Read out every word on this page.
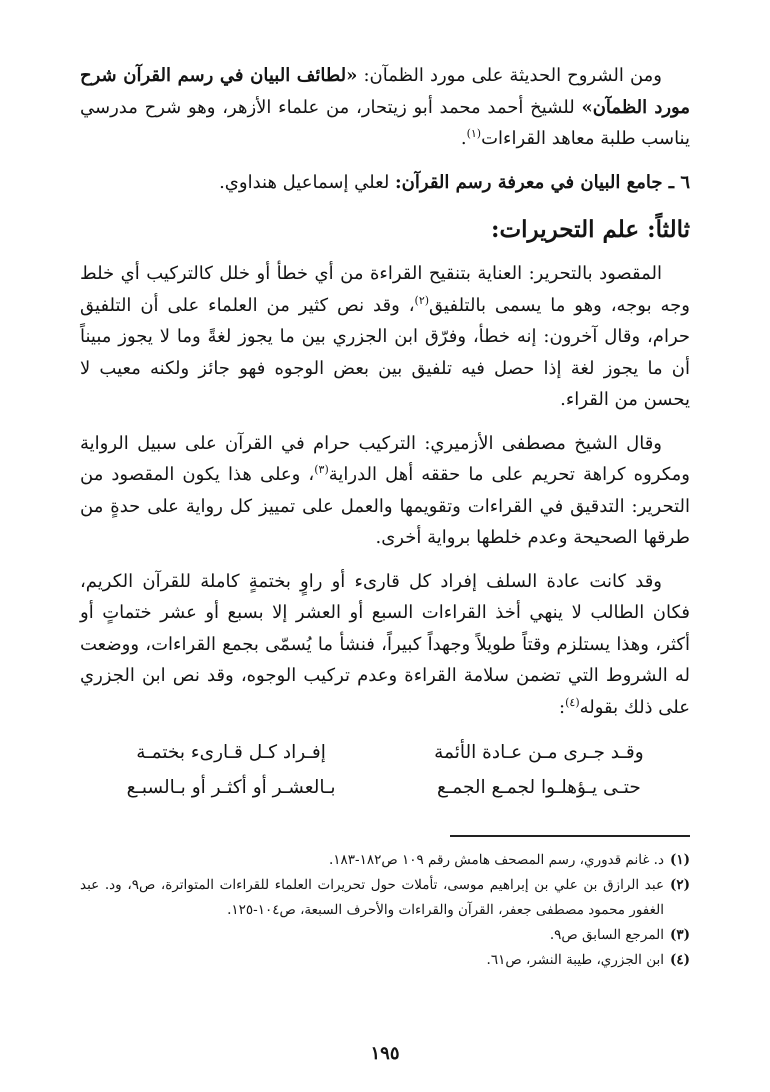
ومن الشروح الحديثة على مورد الظمآن: «لطائف البيان في رسم القرآن شرح مورد الظمآن» للشيخ أحمد محمد أبو زيتحار، من علماء الأزهر، وهو شرح مدرسي يناسب طلبة معاهد القراءات$^{(١)}$.

٦ ـ جامع البيان في معرفة رسم القرآن: لعلي إسماعيل هنداوي.

ثالثاً: علم التحريرات:

المقصود بالتحرير: العناية بتنقيح القراءة من أي خطأ أو خلل كالتركيب أي خلط وجه بوجه، وهو ما يسمى بالتلفيق$^{(٢)}$، وقد نص كثير من العلماء على أن التلفيق حرام، وقال آخرون: إنه خطأ، وفرّق ابن الجزري بين ما يجوز لغةً وما لا يجوز مبيناً أن ما يجوز لغة إذا حصل فيه تلفيق بين بعض الوجوه فهو جائز ولكنه معيب لا يحسن من القراء.

وقال الشيخ مصطفى الأزميري: التركيب حرام في القرآن على سبيل الرواية ومكروه كراهة تحريم على ما حققه أهل الدراية$^{(٣)}$، وعلى هذا يكون المقصود من التحرير: التدقيق في القراءات وتقويمها والعمل على تمييز كل رواية على حدةٍ من طرقها الصحيحة وعدم خلطها برواية أخرى.

وقد كانت عادة السلف إفراد كل قارىء أو راوٍ بختمةٍ كاملة للقرآن الكريم، فكان الطالب لا ينهي أخذ القراءات السبع أو العشر إلا بسبع أو عشر ختماتٍ أو أكثر، وهذا يستلزم وقتاً طويلاً وجهداً كبيراً، فنشأ ما يُسمّى بجمع القراءات، ووضعت له الشروط التي تضمن سلامة القراءة وعدم تركيب الوجوه، وقد نص ابن الجزري على ذلك بقوله$^{(٤)}$:

وقـد جـرى مـن عـادة الأئمة
إفـراد كـل قـارىء بختمـة
حتـى يـؤهلـوا لجمـع الجمـع
بـالعشـر أو أكثـر أو بـالسبـع
(١)
د. غانم قدوري، رسم المصحف هامش رقم ١٠٩ ص١٨٢-١٨٣.
(٢)
عبد الرازق بن علي بن إبراهيم موسى، تأملات حول تحريرات العلماء للقراءات المتواترة، ص٩، ود. عبد الغفور محمود مصطفى جعفر، القرآن والقراءات والأحرف السبعة، ص١٠٤-١٢٥.
(٣)
المرجع السابق ص٩.
(٤)
ابن الجزري، طيبة النشر، ص٦١.
١٩٥
